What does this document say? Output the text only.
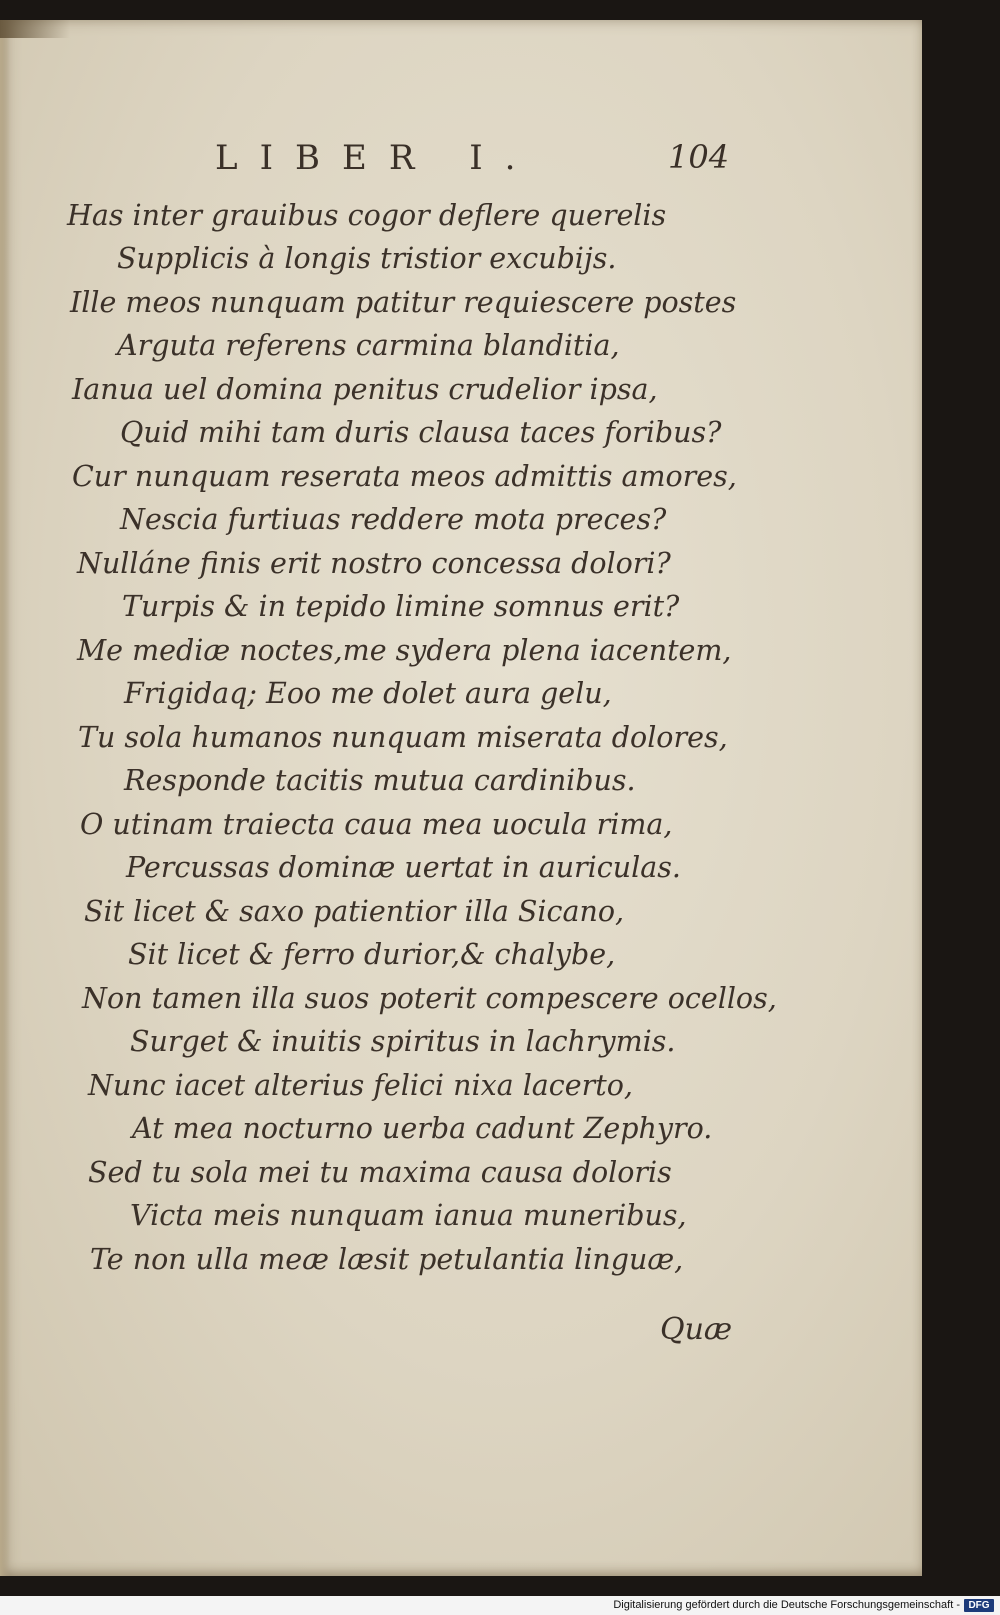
LIBER I.	104
Has inter grauibus cogor deflere querelis
Supplicis à longis tristior excubijs.
Ille meos nunquam patitur requiescere postes
Arguta referens carmina blanditia,
Ianua uel domina penitus crudelior ipsa,
Quid mihi tam duris clausa taces foribus?
Cur nunquam reserata meos admittis amores,
Nescia furtiuas reddere mota preces?
Nulláne finis erit nostro concessa dolori?
Turpis & in tepido limine somnus erit?
Me mediæ noctes,me sydera plena iacentem,
Frigidaq; Eoo me dolet aura gelu,
Tu sola humanos nunquam miserata dolores,
Responde tacitis mutua cardinibus.
O utinam traiecta caua mea uocula rima,
Percussas dominæ uertat in auriculas.
Sit licet & saxo patientior illa Sicano,
Sit licet & ferro durior,& chalybe,
Non tamen illa suos poterit compescere ocellos,
Surget & inuitis spiritus in lachrymis.
Nunc iacet alterius felici nixa lacerto,
At mea nocturno uerba cadunt Zephyro.
Sed tu sola mei tu maxima causa doloris
Victa meis nunquam ianua muneribus,
Te non ulla meæ læsit petulantia linguæ,
Quæ
Digitalisierung gefördert durch die Deutsche Forschungsgemeinschaft - DFG
